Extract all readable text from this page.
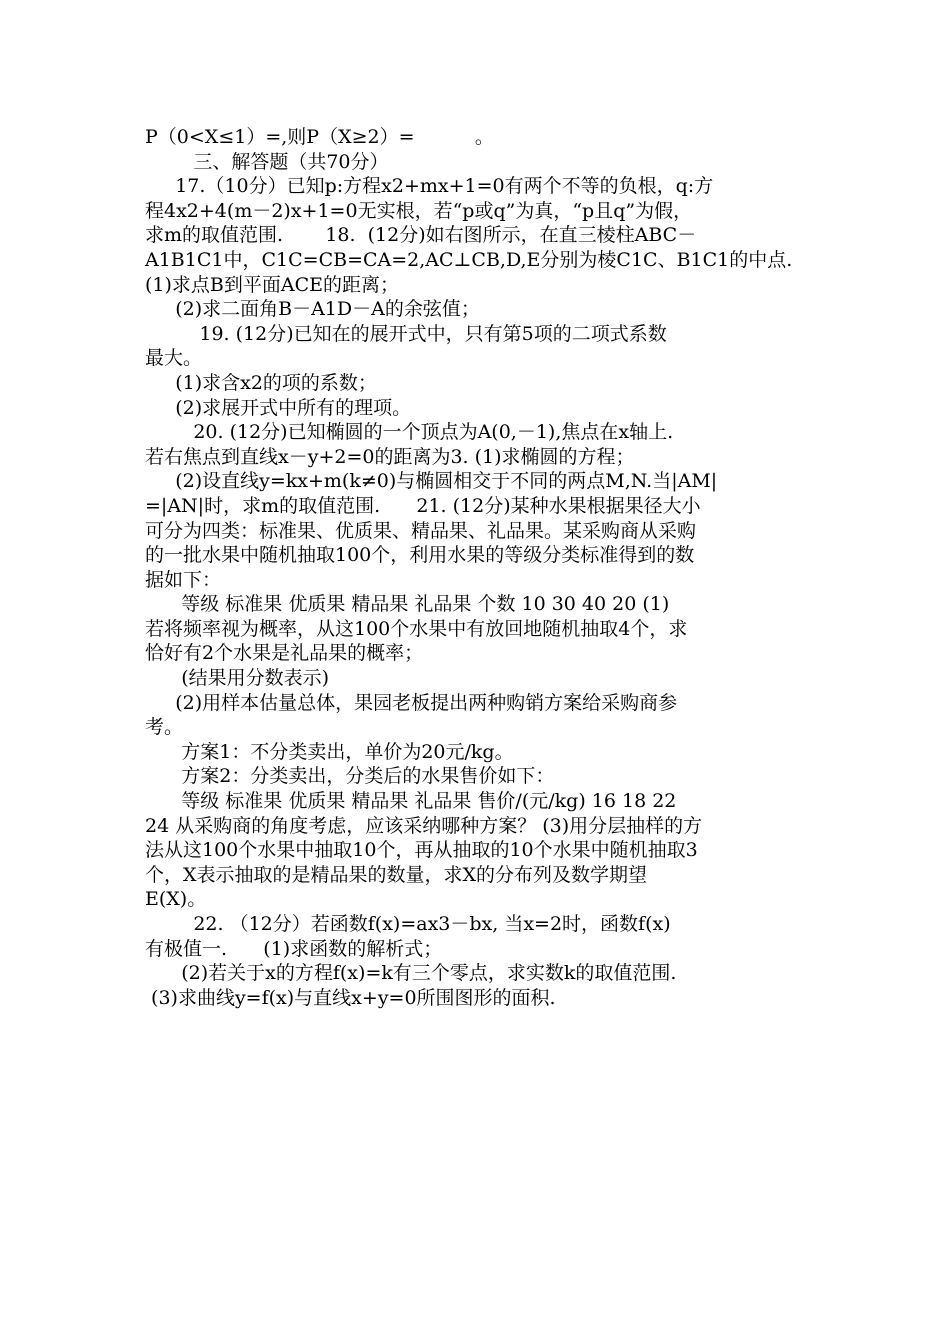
P（0<X≤1）=,则P（X≥2）=          。
三、解答题（共70分）
17.（10分）已知p:方程x2+mx+1=0有两个不等的负根，q:方
程4x2+4(m－2)x+1=0无实根，若“p或q”为真，“p且q”为假，
求m的取值范围.       18.  (12分)如右图所示，在直三棱柱ABC－
A1B1C1中，C1C=CB=CA=2,AC⊥CB,D,E分别为棱C1C、B1C1的中点.
(1)求点B到平面ACE的距离；
(2)求二面角B－A1D－A的余弦值；
19. (12分)已知在的展开式中，只有第5项的二项式系数
最大。
(1)求含x2的项的系数；
(2)求展开式中所有的理项。
20. (12分)已知椭圆的一个顶点为A(0,－1),焦点在x轴上.
若右焦点到直线x－y+2=0的距离为3. (1)求椭圆的方程；
(2)设直线y=kx+m(k≠0)与椭圆相交于不同的两点M,N.当|AM|
=|AN|时，求m的取值范围.      21. (12分)某种水果根据果径大小
可分为四类：标准果、优质果、精品果、礼品果。某采购商从采购
的一批水果中随机抽取100个，利用水果的等级分类标准得到的数
据如下：
等级 标准果 优质果 精品果 礼品果 个数 10 30 40 20 (1)
若将频率视为概率，从这100个水果中有放回地随机抽取4个，求
恰好有2个水果是礼品果的概率；
(结果用分数表示)
(2)用样本估量总体，果园老板提出两种购销方案给采购商参
考。
方案1：不分类卖出，单价为20元/kg。
方案2：分类卖出，分类后的水果售价如下：
等级 标准果 优质果 精品果 礼品果 售价/(元/kg) 16 18 22
24 从采购商的角度考虑，应该采纳哪种方案？ (3)用分层抽样的方
法从这100个水果中抽取10个，再从抽取的10个水果中随机抽取3
个，X表示抽取的是精品果的数量，求X的分布列及数学期望
E(X)。
22. （12分）若函数f(x)=ax3－bx, 当x=2时，函数f(x)
有极值一.      (1)求函数的解析式；
(2)若关于x的方程f(x)=k有三个零点，求实数k的取值范围.
(3)求曲线y=f(x)与直线x+y=0所围图形的面积.
